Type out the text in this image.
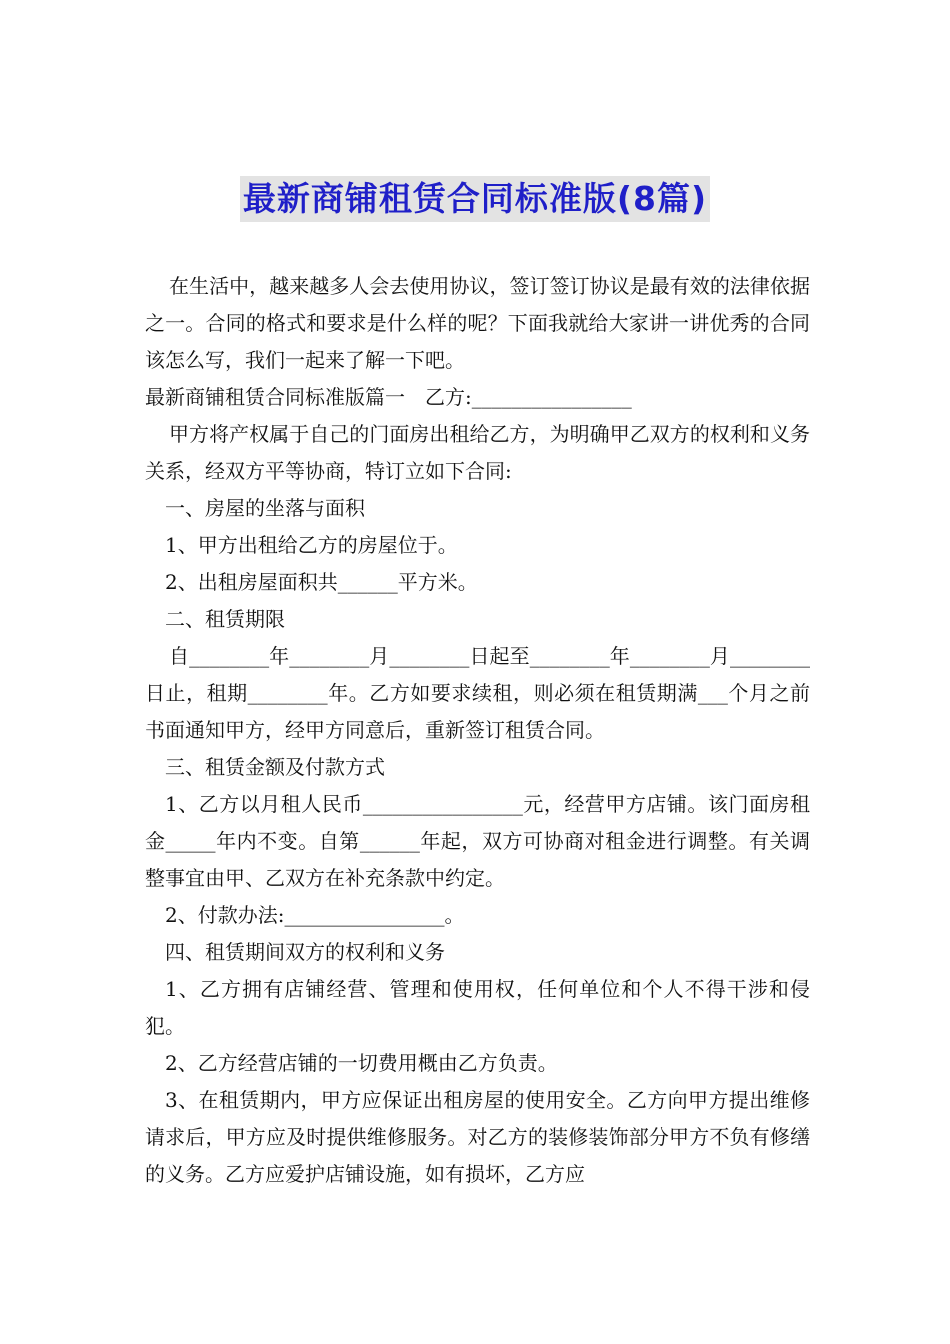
最新商铺租赁合同标准版(8篇)

在生活中，越来越多人会去使用协议，签订签订协议是最有效的法律依据之一。合同的格式和要求是什么样的呢？下面我就给大家讲一讲优秀的合同该怎么写，我们一起来了解一下吧。

最新商铺租赁合同标准版篇一　乙方:________________

甲方将产权属于自己的门面房出租给乙方，为明确甲乙双方的权利和义务关系，经双方平等协商，特订立如下合同:

一、房屋的坐落与面积

1、甲方出租给乙方的房屋位于。

2、出租房屋面积共______平方米。

二、租赁期限

自________年________月________日起至________年________月________日止，租期________年。乙方如要求续租，则必须在租赁期满___个月之前书面通知甲方，经甲方同意后，重新签订租赁合同。

三、租赁金额及付款方式

1、乙方以月租人民币________________元，经营甲方店铺。该门面房租金_____年内不变。自第______年起，双方可协商对租金进行调整。有关调整事宜由甲、乙双方在补充条款中约定。

2、付款办法:________________。

四、租赁期间双方的权利和义务

1、乙方拥有店铺经营、管理和使用权，任何单位和个人不得干涉和侵犯。

2、乙方经营店铺的一切费用概由乙方负责。

3、在租赁期内，甲方应保证出租房屋的使用安全。乙方向甲方提出维修请求后，甲方应及时提供维修服务。对乙方的装修装饰部分甲方不负有修缮的义务。乙方应爱护店铺设施，如有损坏，乙方应
